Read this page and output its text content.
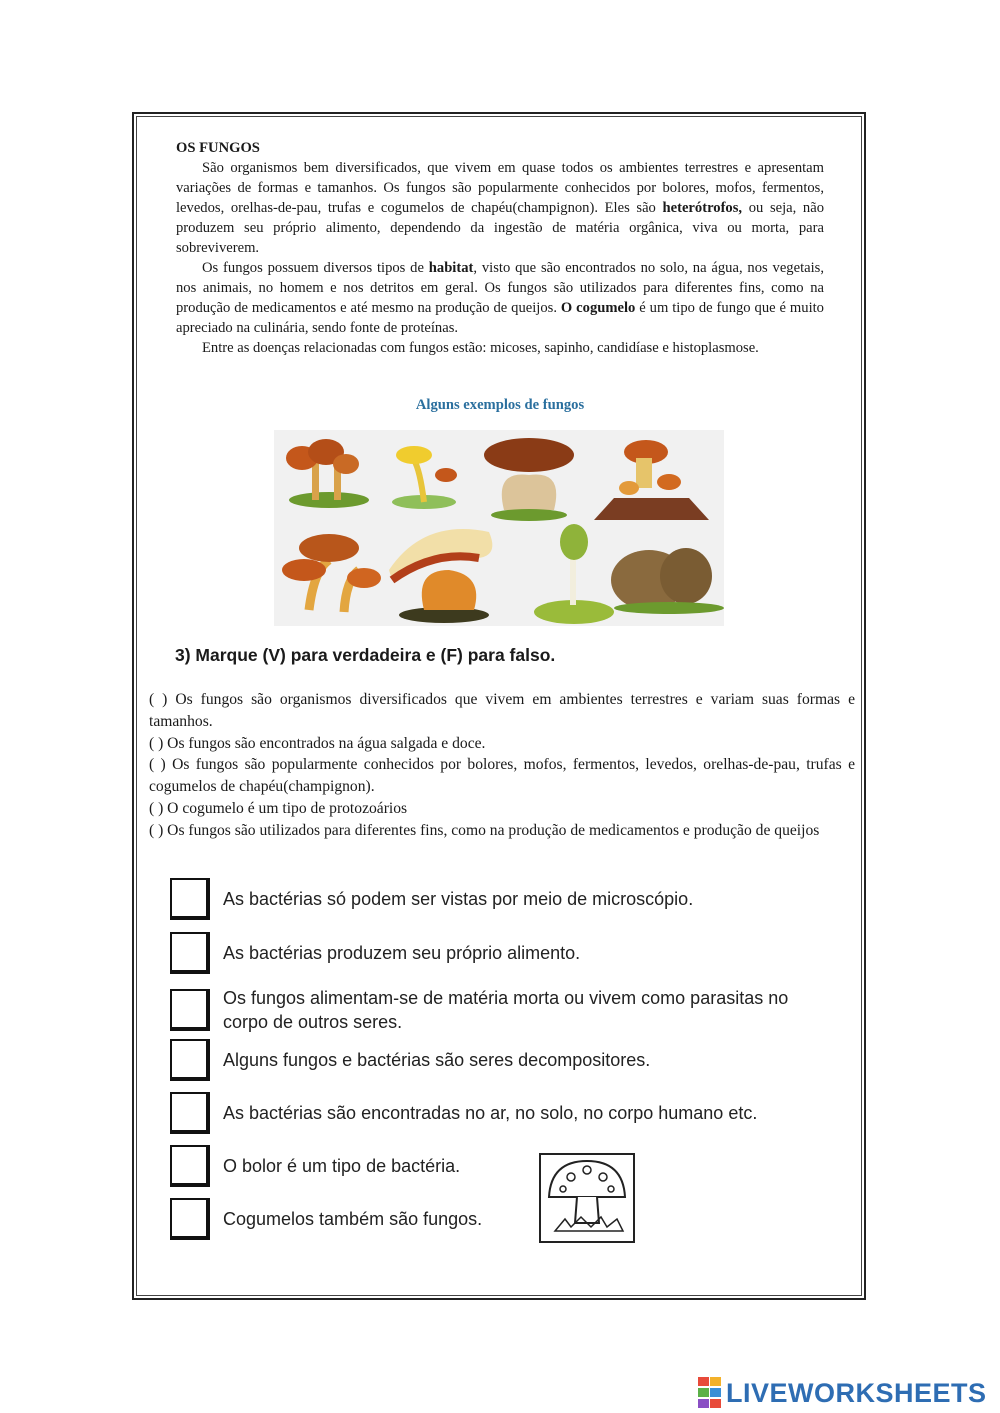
OS FUNGOS

São organismos bem diversificados, que vivem em quase todos os ambientes terrestres e apresentam variações de formas e tamanhos. Os fungos são popularmente conhecidos por bolores, mofos, fermentos, levedos, orelhas-de-pau, trufas e cogumelos de chapéu(champignon). Eles são heterótrofos, ou seja, não produzem seu próprio alimento, dependendo da ingestão de matéria orgânica, viva ou morta, para sobreviverem.

Os fungos possuem diversos tipos de habitat, visto que são encontrados no solo, na água, nos vegetais, nos animais, no homem e nos detritos em geral. Os fungos são utilizados para diferentes fins, como na produção de medicamentos e até mesmo na produção de queijos. O cogumelo é um tipo de fungo que é muito apreciado na culinária, sendo fonte de proteínas.

Entre as doenças relacionadas com fungos estão: micoses, sapinho, candidíase e histoplasmose.

Alguns exemplos de fungos
3) Marque (V) para verdadeira e (F) para falso.
( ) Os fungos são organismos diversificados que vivem em ambientes terrestres e variam suas formas e tamanhos.
( ) Os fungos são encontrados na água salgada e doce.
( ) Os fungos são popularmente conhecidos por bolores, mofos, fermentos, levedos, orelhas-de-pau, trufas e cogumelos de chapéu(champignon).
( ) O cogumelo é um tipo de protozoários
( ) Os fungos são utilizados para diferentes fins, como na produção de medicamentos e produção de queijos
As bactérias só podem ser vistas por meio de microscópio.
As bactérias produzem seu próprio alimento.
Os fungos alimentam-se de matéria morta ou vivem como parasitas no corpo de outros seres.
Alguns fungos e bactérias são seres decompositores.
As bactérias são encontradas no ar, no solo, no corpo humano etc.
O bolor é um tipo de bactéria.
Cogumelos também são fungos.
LIVEWORKSHEETS
